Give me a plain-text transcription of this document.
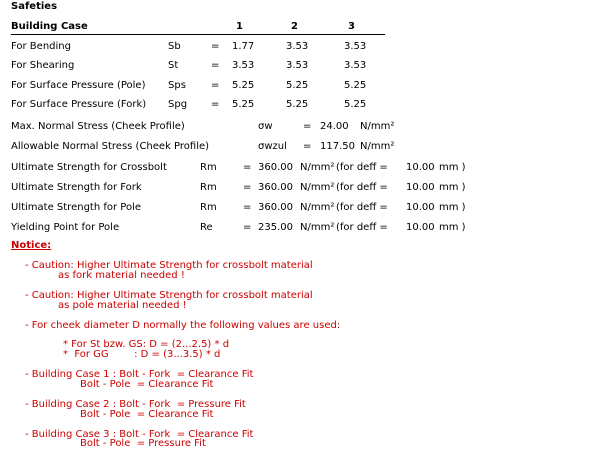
Safeties
Building Case	1	2	3
For Bending	Sb	= 1.77	3.53	3.53
For Shearing	St	= 3.53	3.53	3.53
For Surface Pressure (Pole) Sps	= 5.25	5.25	5.25
For Surface Pressure (Fork) Spg = 5.25	5.25	5.25
Max. Normal Stress (Cheek Profile)	σw	= 24.00 N/mm²
Allowable Normal Stress (Cheek Profile)	σwzul = 117.50 N/mm²
Ultimate Strength for Crossbolt	Rm	= 360.00 N/mm² (for deff = 10.00 mm )
Ultimate Strength for Fork	Rm	= 360.00 N/mm² (for deff = 10.00 mm )
Ultimate Strength for Pole	Rm	= 360.00 N/mm² (for deff = 10.00 mm )
Yielding Point for Pole	Re	= 235.00 N/mm² (for deff = 10.00 mm )
Notice:
- Caution: Higher Ultimate Strength for crossbolt material
as fork material needed !
- Caution: Higher Ultimate Strength for crossbolt material
as pole material needed !
- For cheek diameter D normally the following values are used:
* For St bzw. GS: D = (2...2.5) * d
*  For GG        : D = (3...3.5) * d
- Building Case 1 : Bolt - Fork  = Clearance Fit
Bolt - Pole  = Clearance Fit
- Building Case 2 : Bolt - Fork  = Pressure Fit
Bolt - Pole  = Clearance Fit
- Building Case 3 : Bolt - Fork  = Clearance Fit
Bolt - Pole  = Pressure Fit
